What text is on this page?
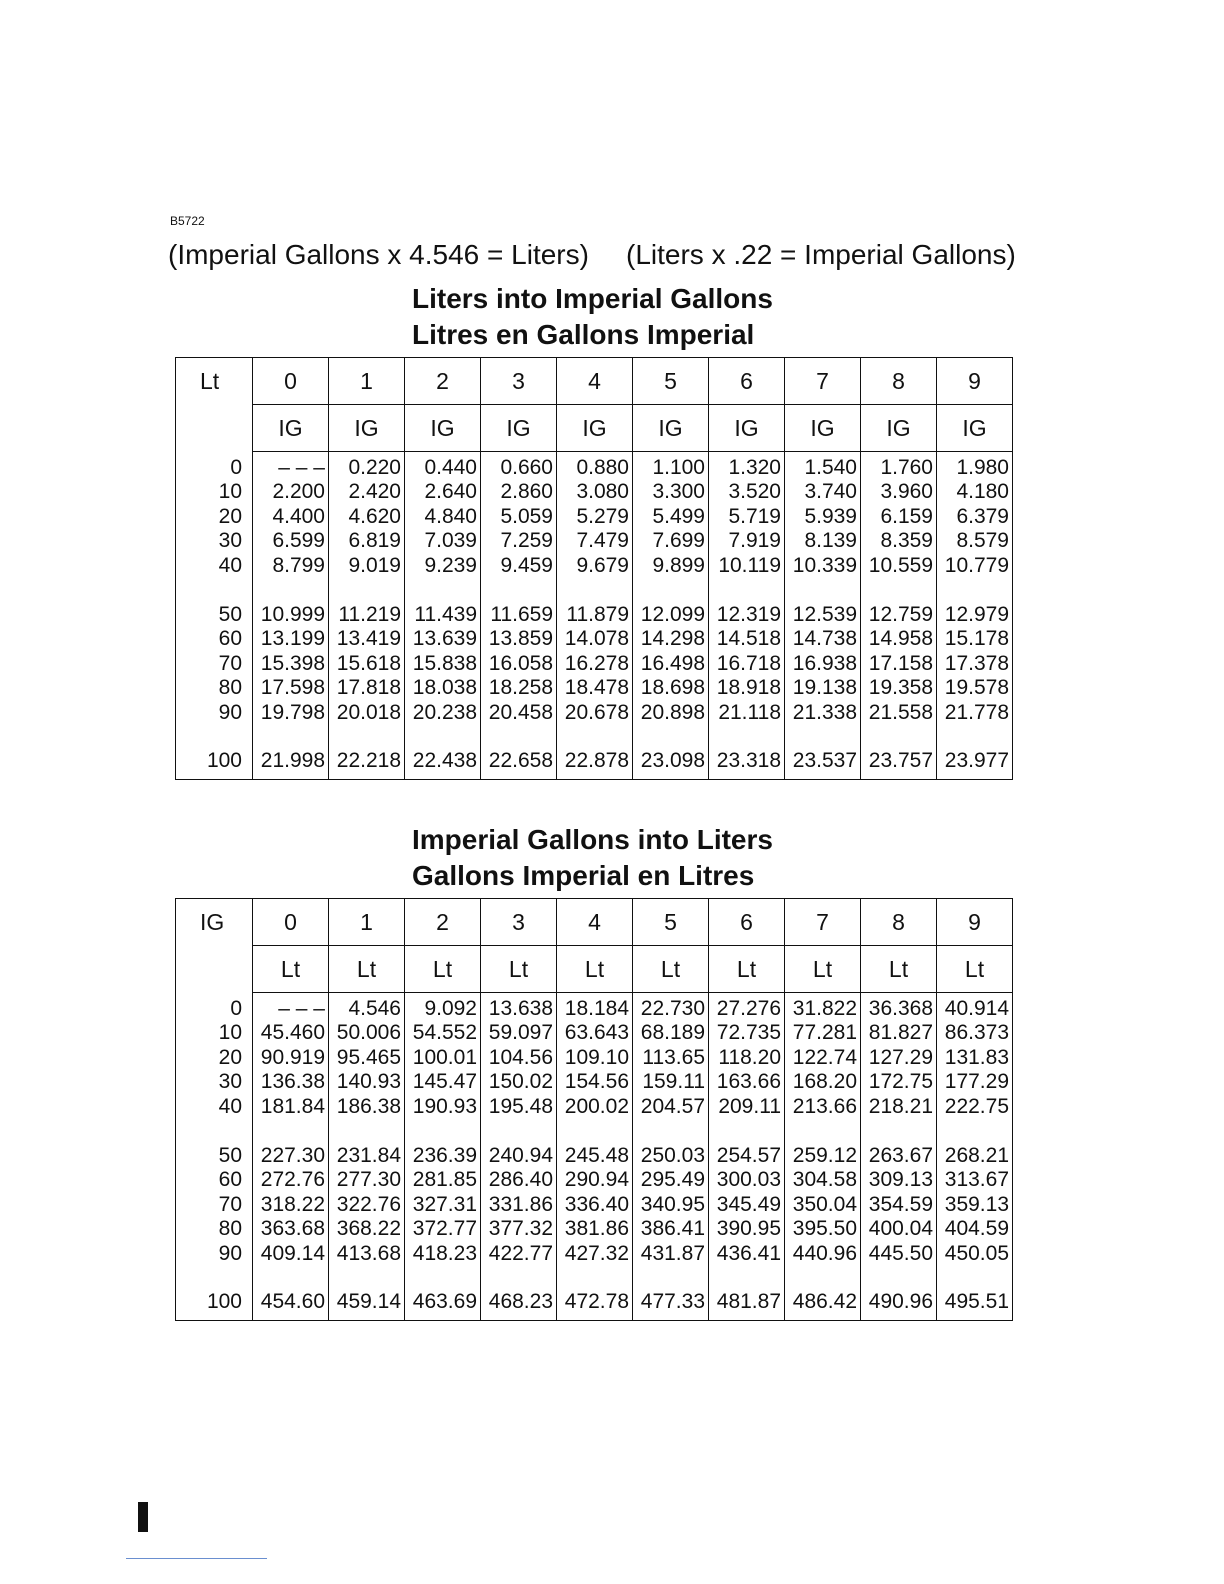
B5722
(Imperial Gallons x 4.546 = Liters) (Liters x .22 = Imperial Gallons)
Liters into Imperial Gallons
Litres en Gallons Imperial
Lt	0	1	2	3	4	5	6	7	8	9
	IG	IG	IG	IG	IG	IG	IG	IG	IG	IG
0	– – –	0.220	0.440	0.660	0.880	1.100	1.320	1.540	1.760	1.980
10	2.200	2.420	2.640	2.860	3.080	3.300	3.520	3.740	3.960	4.180
20	4.400	4.620	4.840	5.059	5.279	5.499	5.719	5.939	6.159	6.379
30	6.599	6.819	7.039	7.259	7.479	7.699	7.919	8.139	8.359	8.579
40	8.799	9.019	9.239	9.459	9.679	9.899	10.119	10.339	10.559	10.779

50	10.999	11.219	11.439	11.659	11.879	12.099	12.319	12.539	12.759	12.979
60	13.199	13.419	13.639	13.859	14.078	14.298	14.518	14.738	14.958	15.178
70	15.398	15.618	15.838	16.058	16.278	16.498	16.718	16.938	17.158	17.378
80	17.598	17.818	18.038	18.258	18.478	18.698	18.918	19.138	19.358	19.578
90	19.798	20.018	20.238	20.458	20.678	20.898	21.118	21.338	21.558	21.778

100	21.998	22.218	22.438	22.658	22.878	23.098	23.318	23.537	23.757	23.977
Imperial Gallons into Liters
Gallons Imperial en Litres
IG	0	1	2	3	4	5	6	7	8	9
	Lt	Lt	Lt	Lt	Lt	Lt	Lt	Lt	Lt	Lt
0	– – –	4.546	9.092	13.638	18.184	22.730	27.276	31.822	36.368	40.914
10	45.460	50.006	54.552	59.097	63.643	68.189	72.735	77.281	81.827	86.373
20	90.919	95.465	100.01	104.56	109.10	113.65	118.20	122.74	127.29	131.83
30	136.38	140.93	145.47	150.02	154.56	159.11	163.66	168.20	172.75	177.29
40	181.84	186.38	190.93	195.48	200.02	204.57	209.11	213.66	218.21	222.75

50	227.30	231.84	236.39	240.94	245.48	250.03	254.57	259.12	263.67	268.21
60	272.76	277.30	281.85	286.40	290.94	295.49	300.03	304.58	309.13	313.67
70	318.22	322.76	327.31	331.86	336.40	340.95	345.49	350.04	354.59	359.13
80	363.68	368.22	372.77	377.32	381.86	386.41	390.95	395.50	400.04	404.59
90	409.14	413.68	418.23	422.77	427.32	431.87	436.41	440.96	445.50	450.05

100	454.60	459.14	463.69	468.23	472.78	477.33	481.87	486.42	490.96	495.51
